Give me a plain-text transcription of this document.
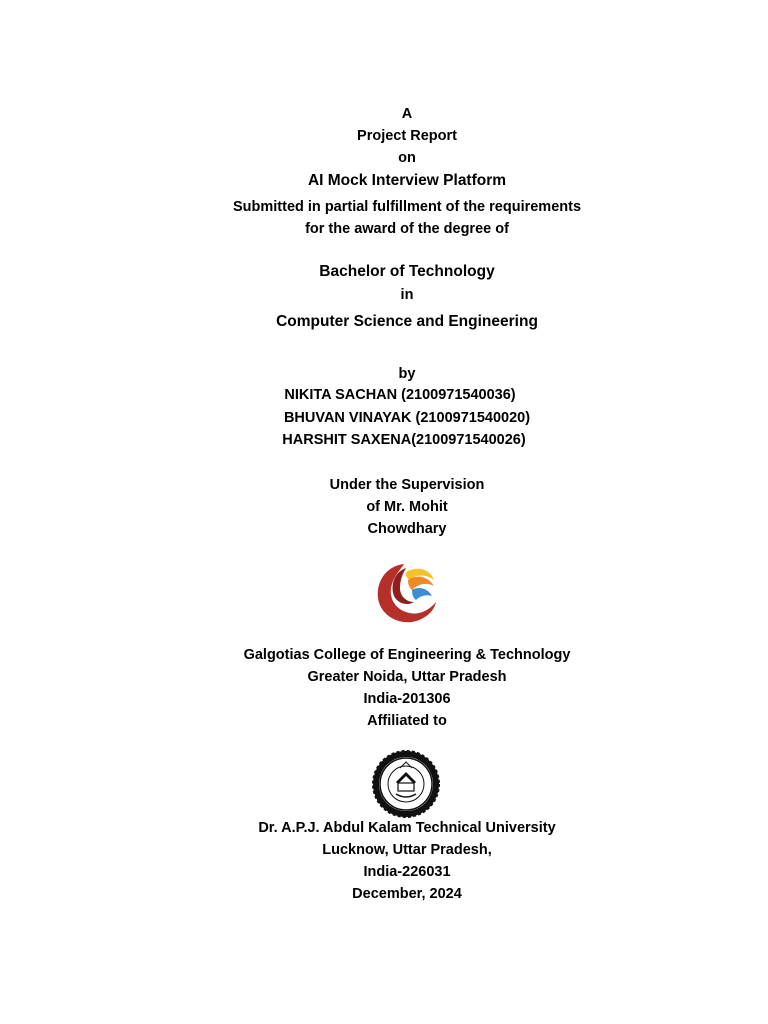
A
Project Report
on
AI Mock Interview Platform
Submitted in partial fulfillment of the requirements
for the award of the degree of
Bachelor of Technology
in
Computer Science and Engineering
by
NIKITA SACHAN (2100971540036)
BHUVAN VINAYAK (2100971540020)
HARSHIT SAXENA(2100971540026)
Under the Supervision
of Mr. Mohit
Chowdhary
Galgotias College of Engineering & Technology
Greater Noida, Uttar Pradesh
India-201306
Affiliated to
Dr. A.P.J. Abdul Kalam Technical University
Lucknow, Uttar Pradesh,
India-226031
December, 2024
